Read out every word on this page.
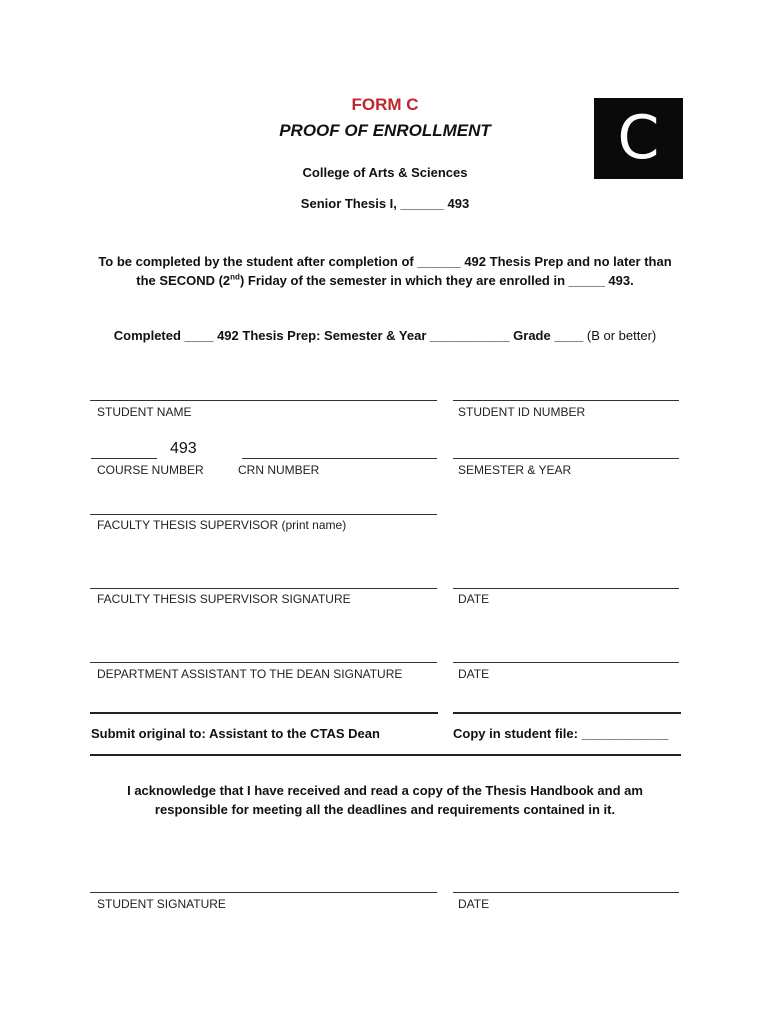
FORM C
PROOF OF ENROLLMENT
College of Arts & Sciences
Senior Thesis I, ______ 493
C
To be completed by the student after completion of ______ 492 Thesis Prep and no later than
the SECOND (2nd) Friday of the semester in which they are enrolled in _____ 493.
Completed ____ 492 Thesis Prep: Semester & Year ___________ Grade ____ (B or better)
STUDENT NAME	STUDENT ID NUMBER
493
COURSE NUMBER	CRN NUMBER	SEMESTER & YEAR
FACULTY THESIS SUPERVISOR (print name)
FACULTY THESIS SUPERVISOR SIGNATURE	DATE
DEPARTMENT ASSISTANT TO THE DEAN SIGNATURE	DATE
Submit original to: Assistant to the CTAS Dean	Copy in student file: ____________
I acknowledge that I have received and read a copy of the Thesis Handbook and am
responsible for meeting all the deadlines and requirements contained in it.
STUDENT SIGNATURE	DATE
